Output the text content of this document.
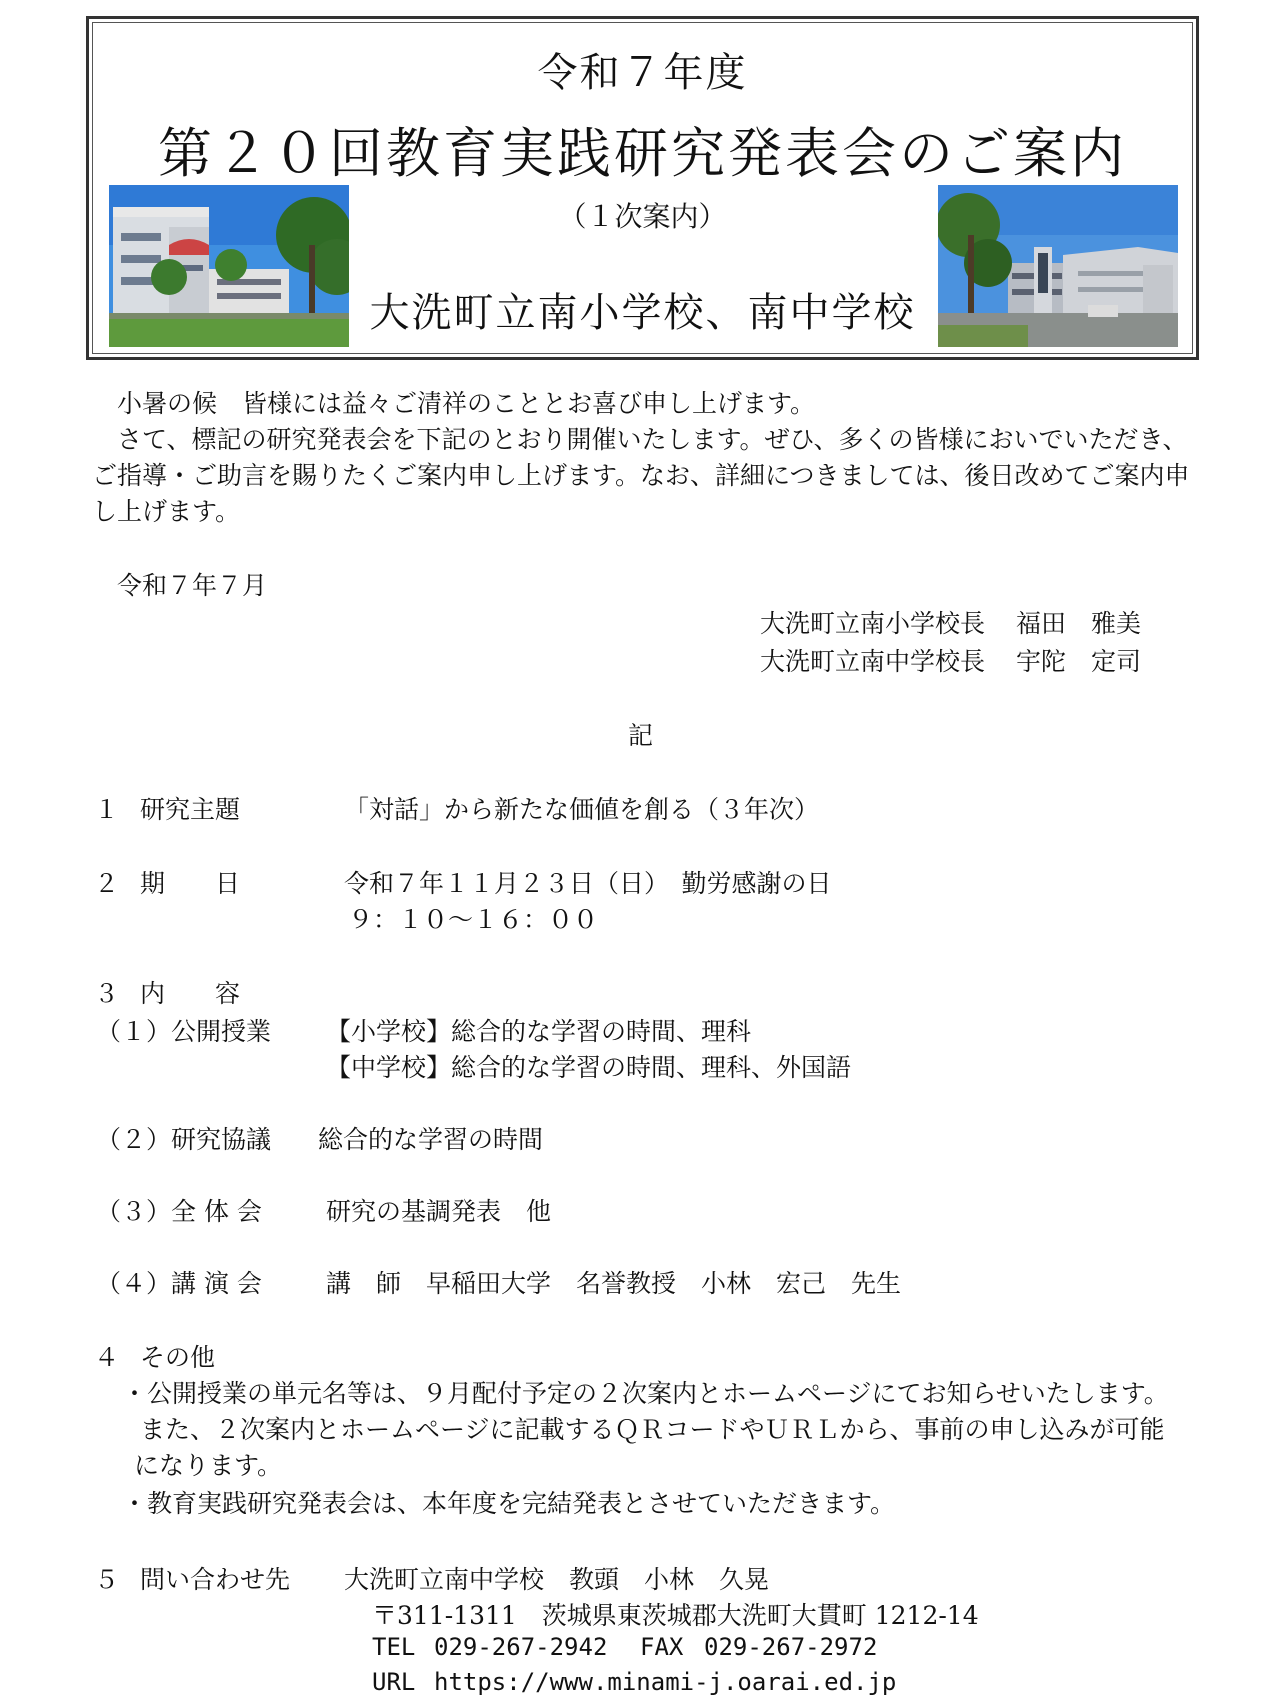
令和７年度
第２０回教育実践研究発表会のご案内
（１次案内）
大洗町立南小学校、南中学校
小暑の候　皆様には益々ご清祥のこととお喜び申し上げます。
さて、標記の研究発表会を下記のとおり開催いたします。ぜひ、多くの皆様においでいただき、
ご指導・ご助言を賜りたくご案内申し上げます。なお、詳細につきましては、後日改めてご案内申
し上げます。
令和７年７月
大洗町立南小学校長 福田　雅美
大洗町立南中学校長 宇陀　定司
記
１ 研究主題	「対話」から新たな価値を創る（３年次）
２ 期　　日	令和７年１１月２３日（日）　勤労感謝の日
９：１０～１６：００
３ 内　　容
（１）公開授業 【小学校】総合的な学習の時間、理科
【中学校】総合的な学習の時間、理科、外国語
（２）研究協議 総合的な学習の時間
（３）全 体 会	研究の基調発表　他
（４）講 演 会	講　師　早稲田大学　名誉教授　小林　宏己　先生
４ その他
・公開授業の単元名等は、９月配付予定の２次案内とホームページにてお知らせいたします。
また、２次案内とホームページに記載するＱＲコードやＵＲＬから、事前の申し込みが可能
になります。
・教育実践研究発表会は、本年度を完結発表とさせていただきます。
５ 問い合わせ先 大洗町立南中学校　教頭　小林　久晃
〒311-1311　茨城県東茨城郡大洗町大貫町 1212-14
TEL 029-267-2942 FAX 029-267-2972
URL https://www.minami-j.oarai.ed.jp
